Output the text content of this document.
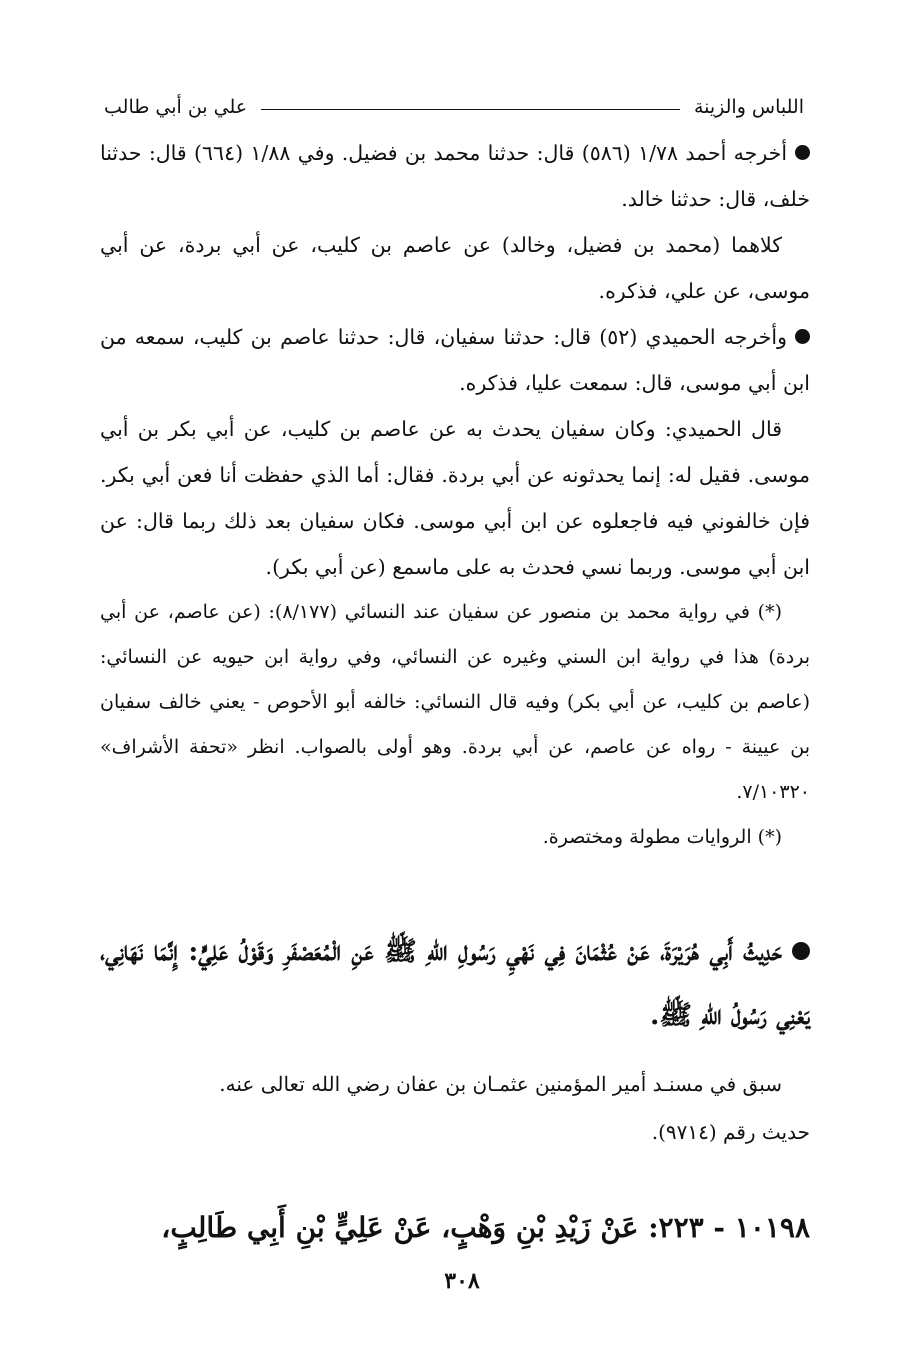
اللباس والزينة
علي بن أبي طالب

أخرجه أحمد ١/٧٨ (٥٨٦) قال: حدثنا محمد بن فضيل. وفي ١/٨٨ (٦٦٤) قال: حدثنا خلف، قال: حدثنا خالد.

كلاهما (محمد بن فضيل، وخالد) عن عاصم بن كليب، عن أبي بردة، عن أبي موسى، عن علي، فذكره.

وأخرجه الحميدي (٥٢) قال: حدثنا سفيان، قال: حدثنا عاصم بن كليب، سمعه من ابن أبي موسى، قال: سمعت عليا، فذكره.

قال الحميدي: وكان سفيان يحدث به عن عاصم بن كليب، عن أبي بكر بن أبي موسى. فقيل له: إنما يحدثونه عن أبي بردة. فقال: أما الذي حفظت أنا فعن أبي بكر. فإن خالفوني فيه فاجعلوه عن ابن أبي موسى. فكان سفيان بعد ذلك ربما قال: عن ابن أبي موسى. وربما نسي فحدث به على ماسمع (عن أبي بكر).

(*) في رواية محمد بن منصور عن سفيان عند النسائي (٨/١٧٧): (عن عاصم، عن أبي بردة) هذا في رواية ابن السني وغيره عن النسائي، وفي رواية ابن حيويه عن النسائي: (عاصم بن كليب، عن أبي بكر) وفيه قال النسائي: خالفه أبو الأحوص - يعني خالف سفيان بن عيينة - رواه عن عاصم، عن أبي بردة. وهو أولى بالصواب. انظر «تحفة الأشراف» ٧/١٠٣٢٠.

(*) الروايات مطولة ومختصرة.

حَدِيثُ أَبِي هُرَيْرَةَ، عَنْ عُثْمَانَ فِي نَهْيِ رَسُولِ اللهِ ﷺ عَنِ الْمُعَصْفَرِ وَقَوْلُ عَلِيٍّ: إِنَّمَا نَهَانِي، يَعْنِي رَسُولُ اللهِ ﷺ.

سبق في مسنـد أمير المؤمنين عثمـان بن عفان رضي الله تعالى عنه.

حديث رقم (٩٧١٤).

١٠١٩٨ - ٢٢٣: عَنْ زَيْدِ بْنِ وَهْبٍ، عَنْ عَلِيٍّ بْنِ أَبِي طَالِبٍ،
٣٠٨
